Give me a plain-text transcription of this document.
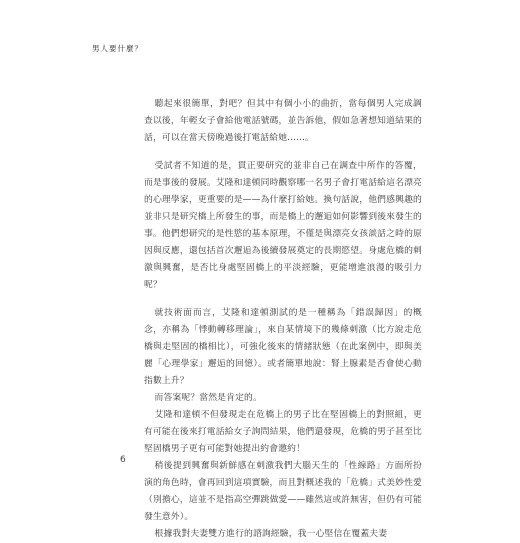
男人要什麼？

聽起來很簡單，對吧？但其中有個小小的曲折，當每個男人完成調查以後，年輕女子會給他電話號碼，並告訴他，假如急著想知道結果的話，可以在當天傍晚過後打電話給她……。

受試者不知道的是，貫正要研究的並非自己在調查中所作的答覆，而是事後的發展。艾隆和達頓同時觀察哪一名男子會打電話給這名漂亮的心理學家，更重要的是——為什麼打給她。換句話說，他們感興趣的並非只是研究橋上所發生的事，而是橋上的邂逅如何影響到後來發生的事。他們想研究的是性慾的基本原理，不僅是與漂亮女孩談話之時的原因與反應，還包括首次邂逅為後續發展奠定的長期慾望。身處危橋的刺激與興奮，是否比身處堅固橋上的平淡經驗，更能增進浪漫的吸引力呢？

就技術面而言，艾隆和達頓測試的是一種稱為「錯誤歸因」的概念，亦稱為「悸動轉移理論」，來自某情境下的幾條刺激（比方說走危橋與走堅固的橋相比），可強化後來的情緒狀態（在此案例中，即與美麗「心理學家」邂逅的回憶）。或者簡單地說：腎上腺素是否會使心動指數上升？

而答案呢？當然是肯定的。

艾隆和達頓不但發現走在危橋上的男子比在堅固橋上的對照組，更有可能在後來打電話給女子詢問結果，他們還發現，危橋的男子甚至比堅固橋男子更有可能對她提出約會邀約！

稍後提到興奮與新鮮感在刺激我們大腦天生的「性線路」方面所扮演的角色時，會再回到這項實驗，而且對概述我的「危橋」式美妙性愛（別擔心，這並不是指高空彈跳做愛——雖然這或許無害，但仍有可能發生意外）。

根據我對夫妻雙方進行的諮詢經驗，我一心堅信在覆蓋夫妻

6
